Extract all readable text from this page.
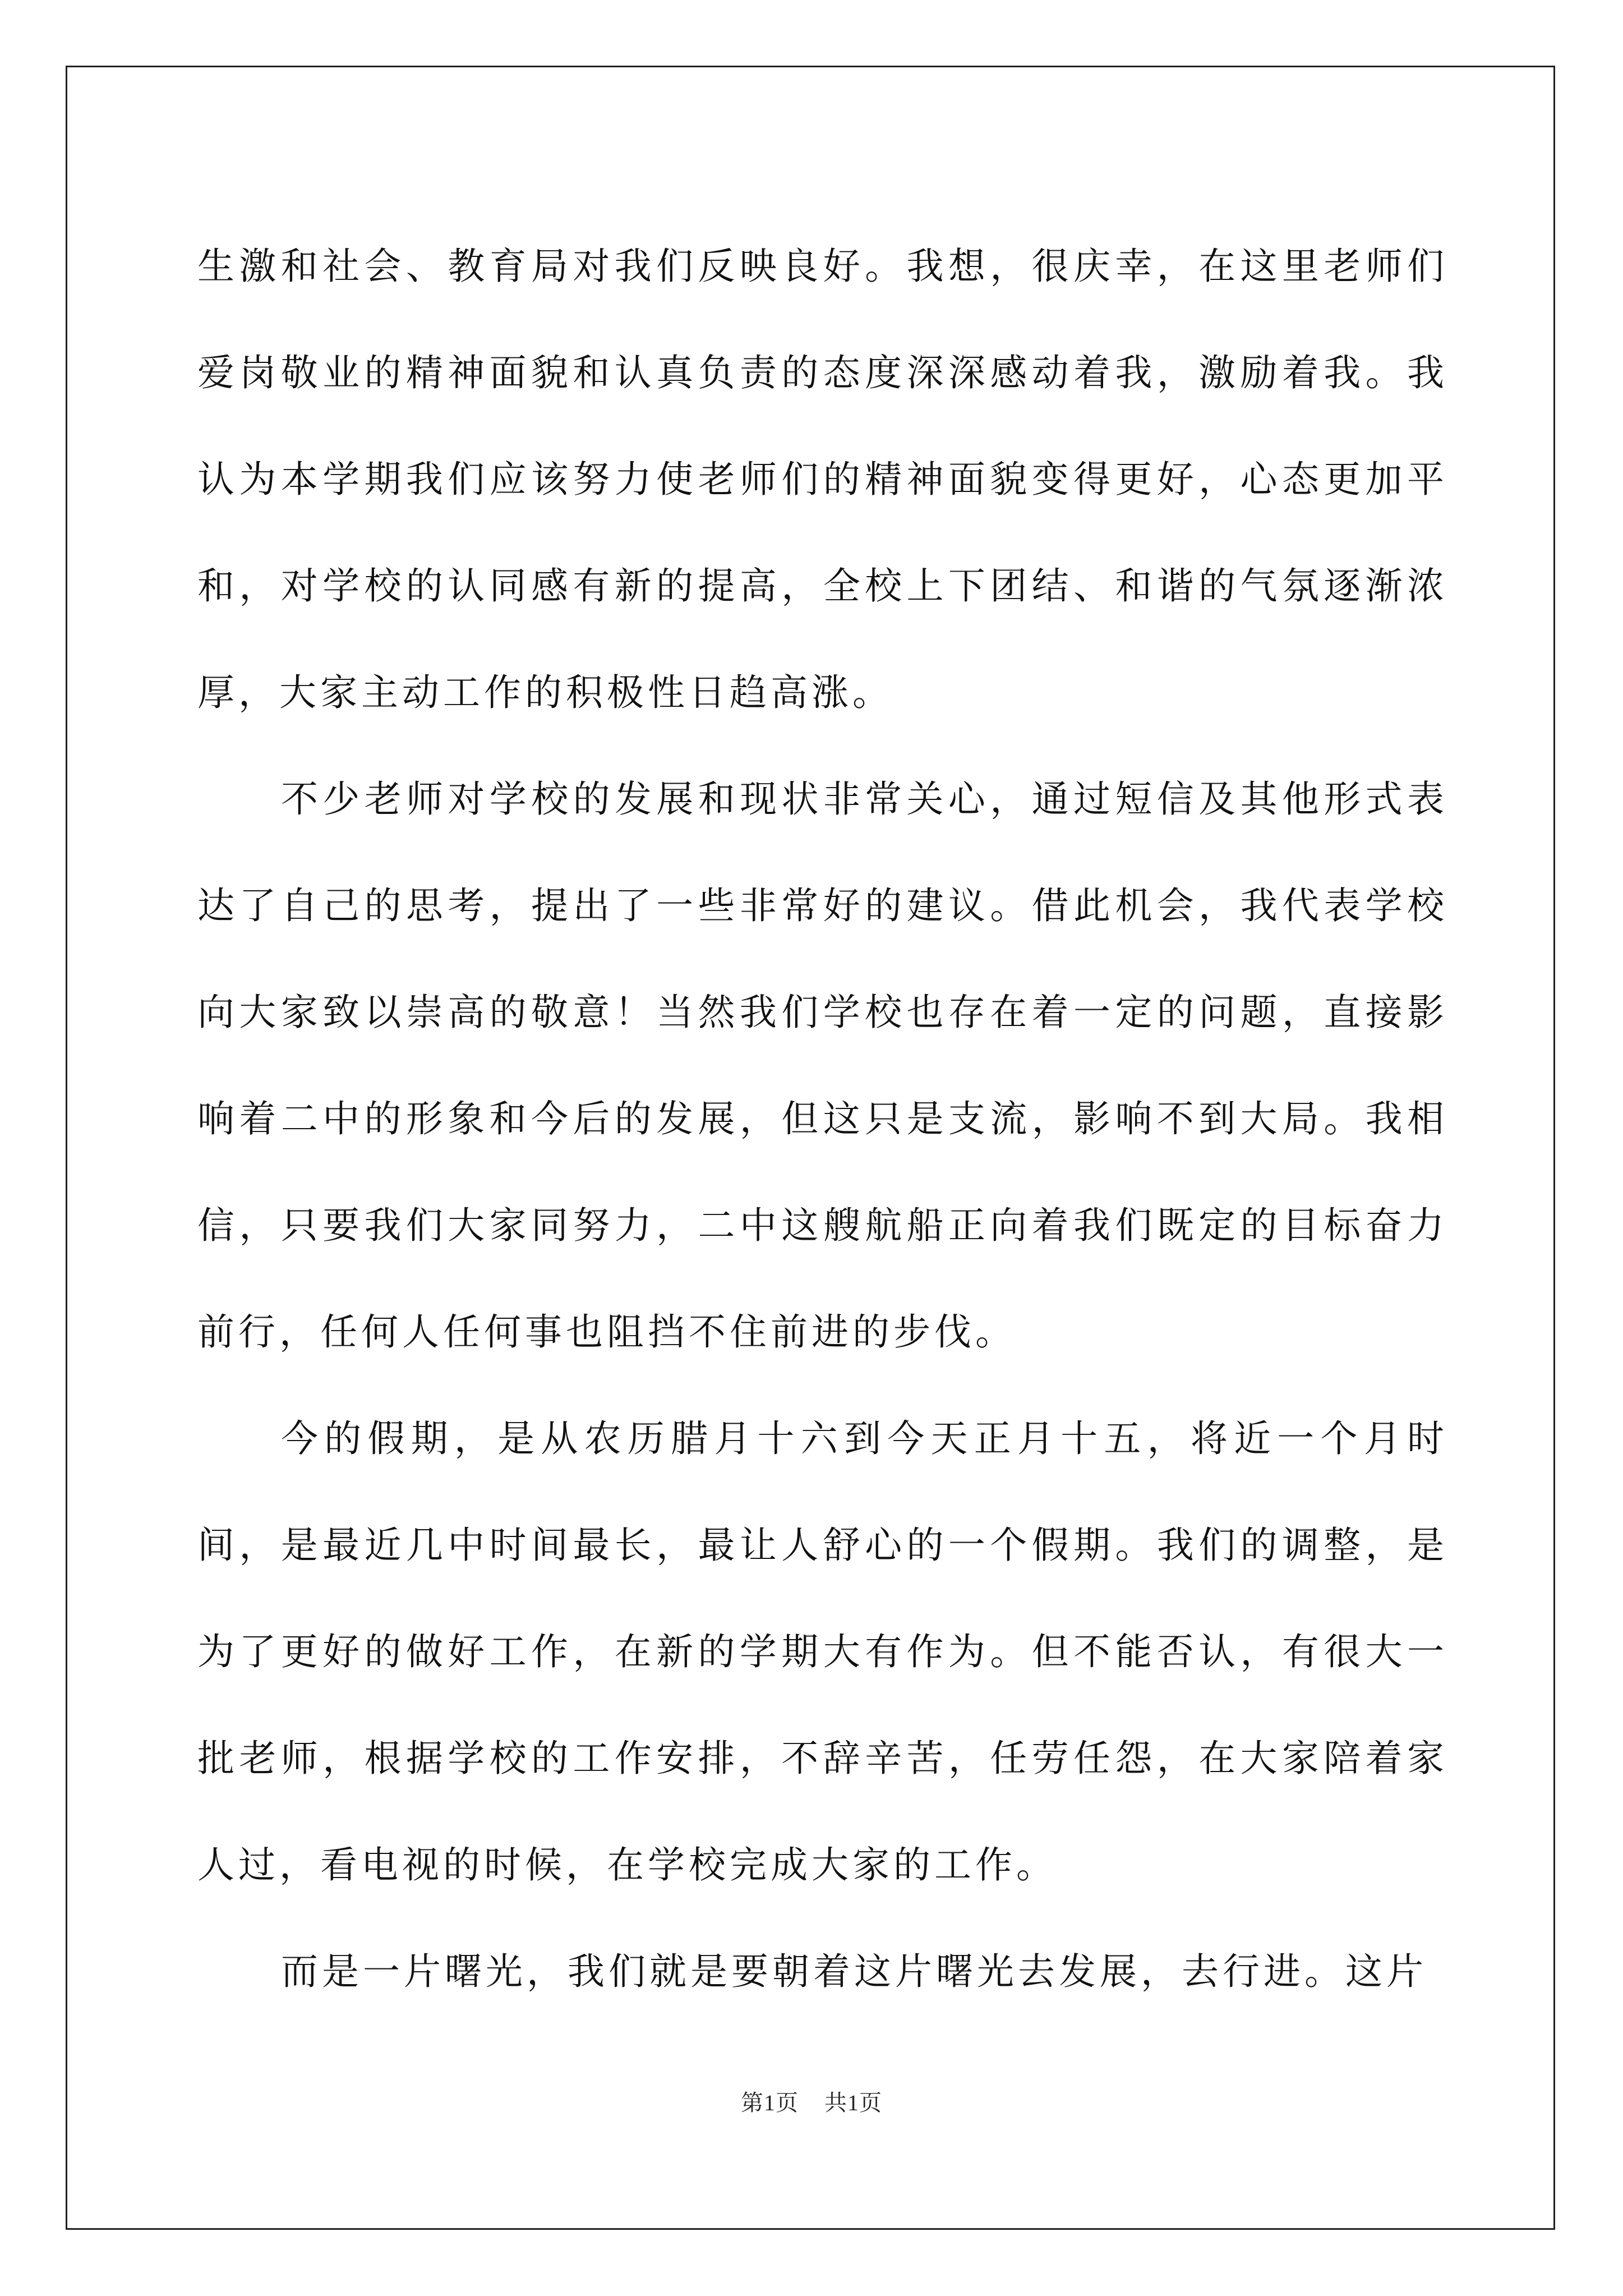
生激和社会、教育局对我们反映良好。我想，很庆幸，在这里老师们爱岗敬业的精神面貌和认真负责的态度深深感动着我，激励着我。我认为本学期我们应该努力使老师们的精神面貌变得更好，心态更加平和，对学校的认同感有新的提高，全校上下团结、和谐的气氛逐渐浓厚，大家主动工作的积极性日趋高涨。

不少老师对学校的发展和现状非常关心，通过短信及其他形式表达了自己的思考，提出了一些非常好的建议。借此机会，我代表学校向大家致以崇高的敬意！当然我们学校也存在着一定的问题，直接影响着二中的形象和今后的发展，但这只是支流，影响不到大局。我相信，只要我们大家同努力，二中这艘航船正向着我们既定的目标奋力前行，任何人任何事也阻挡不住前进的步伐。

今的假期，是从农历腊月十六到今天正月十五，将近一个月时间，是最近几中时间最长，最让人舒心的一个假期。我们的调整，是为了更好的做好工作，在新的学期大有作为。但不能否认，有很大一批老师，根据学校的工作安排，不辞辛苦，任劳任怨，在大家陪着家人过，看电视的时候，在学校完成大家的工作。

而是一片曙光，我们就是要朝着这片曙光去发展，去行进。这片

第1页 共1页
